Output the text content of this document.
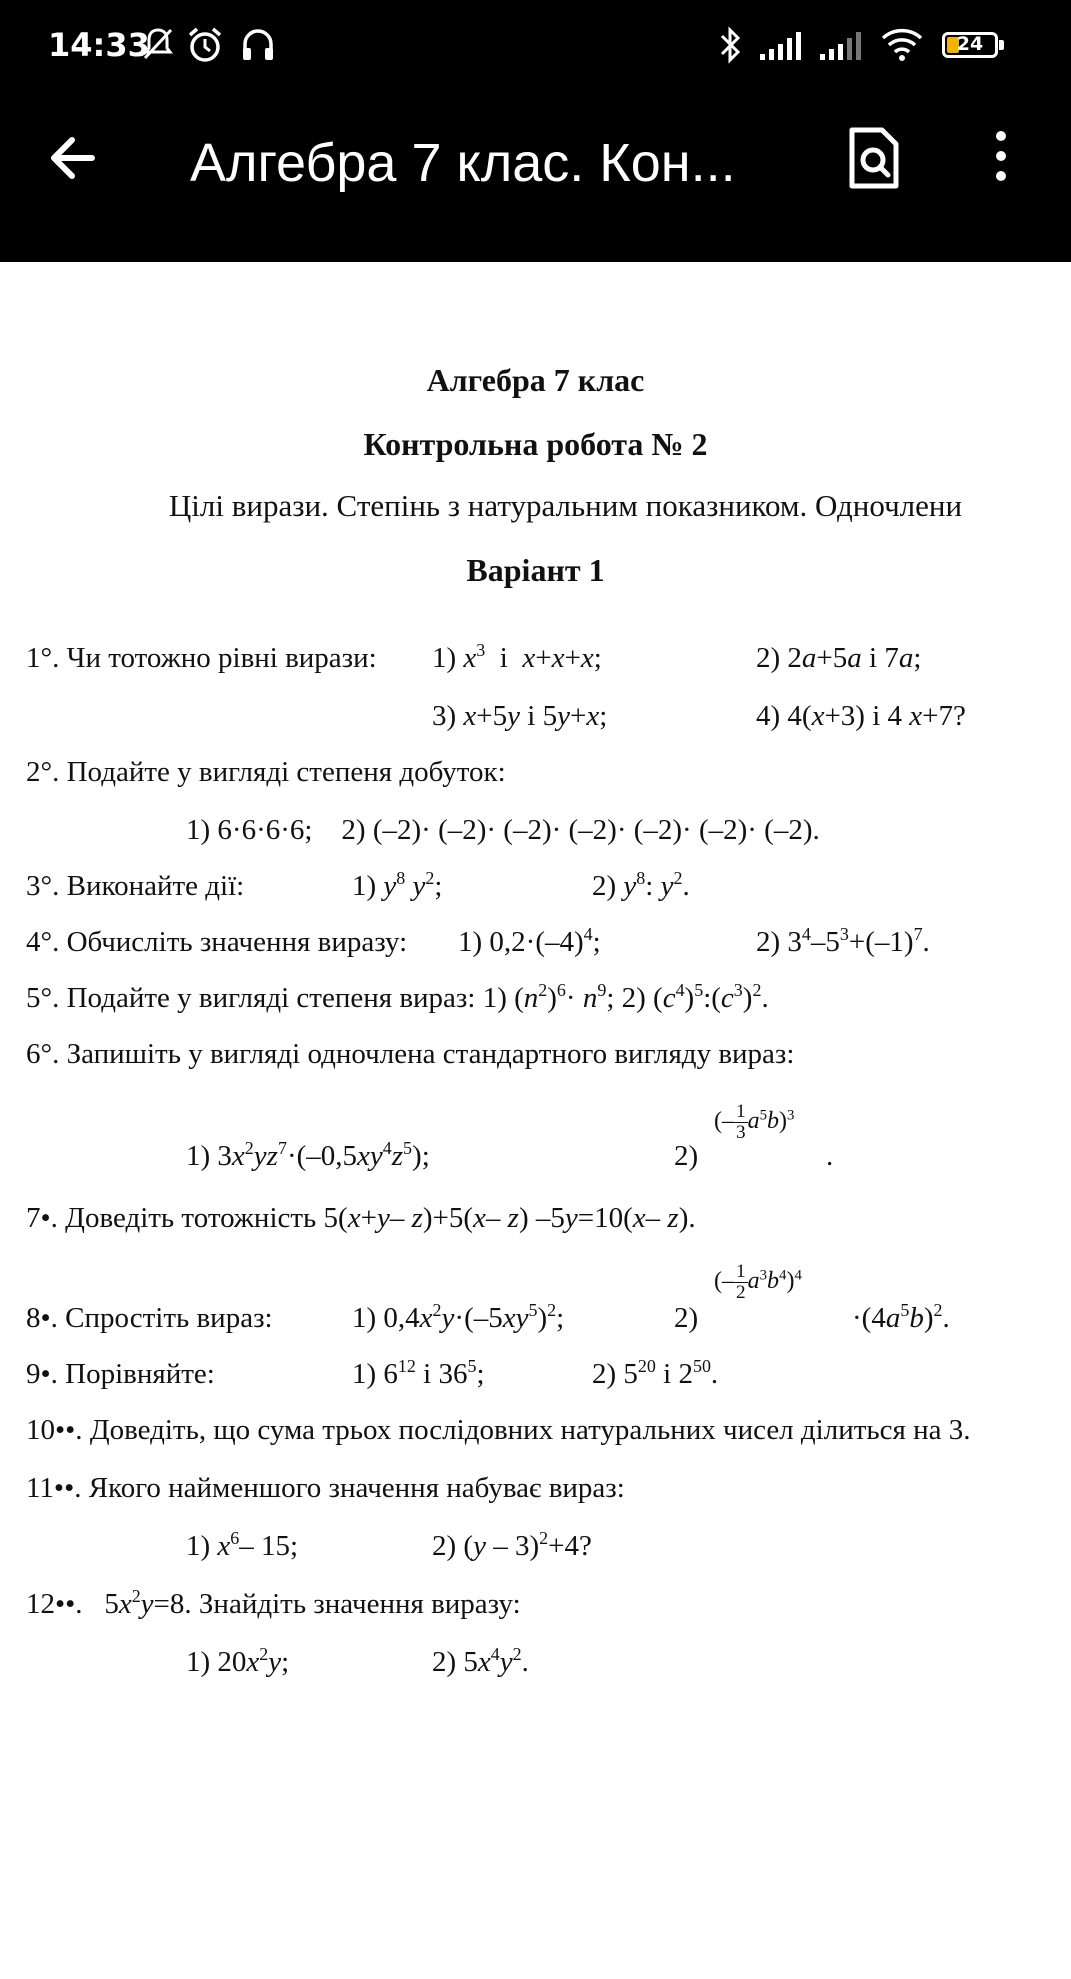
14:33	24
Алгебра 7 клас. Кон...
Алгебра 7 клас
Контрольна робота № 2
Цілі вирази. Степінь з натуральним показником. Одночлени
Варіант 1
1°. Чи тотожно рівні вирази: 1) $x^3$  і  x+x+x;	2) 2a+5a і 7a;
3) x+5y і 5y+x;	4) 4(x+3) і 4 x+7?
2°. Подайте у вигляді степеня добуток:
1) 6·6·6·6;    2) (–2)· (–2)· (–2)· (–2)· (–2)· (–2)· (–2).
3°. Виконайте дії:	1) $y^8$ $y^2$;	2) $y^8$: $y^2$.
4°. Обчисліть значення виразу: 1) $0,2\cdot(-4)^4$;	2) $3^4-5^3+(-1)^7$.
5°. Подайте у вигляді степеня вираз: 1) $(n^2)^6\cdot n^9$; 2) $(c^4)^5:(c^3)^2$.
6°. Запишіть у вигляді одночлена стандартного вигляду вираз:
1) $3x^2yz^7\cdot(-0,5xy^4z^5)$;	2)
(– $\frac{1}{3} a^5b)^3$
.
7•. Доведіть тотожність 5(x+y– z)+5(x– z) –5y=10(x– z).
8•. Спростіть вираз:	1) $0,4x^2y\cdot(-5xy^5)^2$;	2)
(– $\frac{1}{2} a^3b^4)^4$
$\cdot(4a^5b)^2$.
9•. Порівняйте:	1) $6^{12}$ і $36^5$;	2) $5^{20}$ і $2^{50}$.
10••. Доведіть, що сума трьох послідовних натуральних чисел ділиться на 3.
11••. Якого найменшого значення набуває вираз:
1) $x^6-$ 15;	2) (y – 3)$^2$+4?
12••.   $5x^2y=8$. Знайдіть значення виразу:
1) $20x^2y$;	2) $5x^4y^2$.
